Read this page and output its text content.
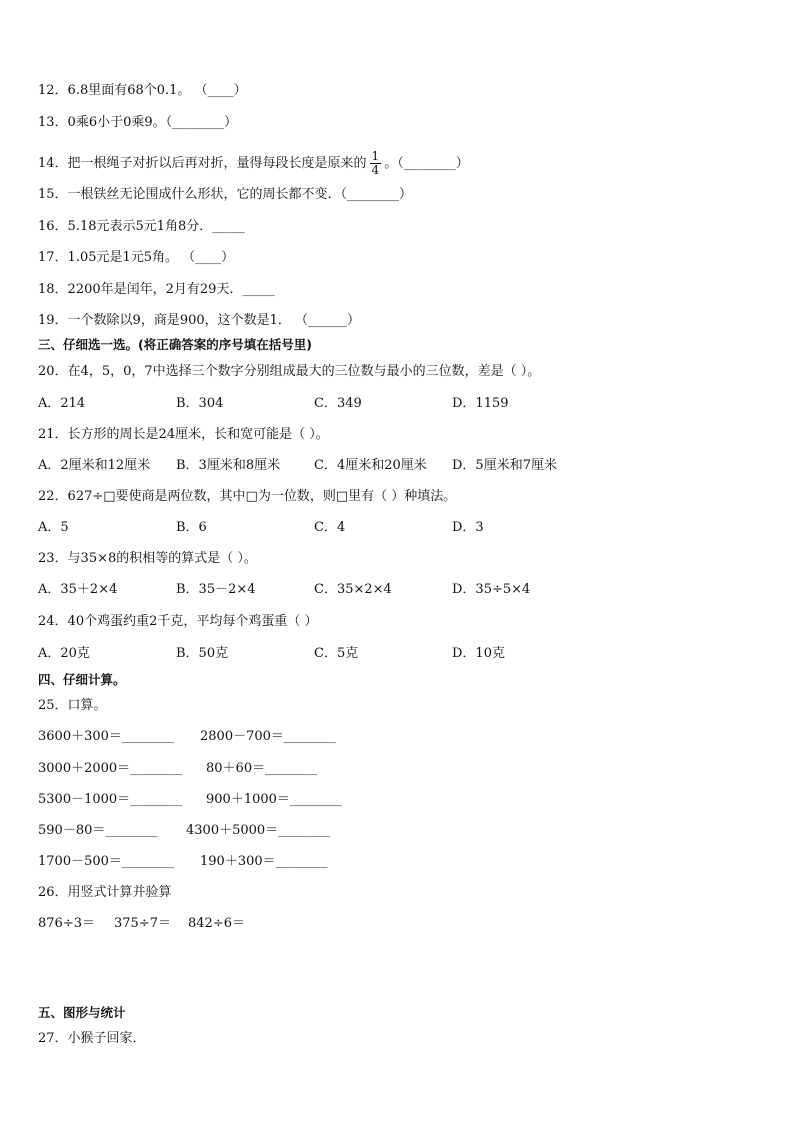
12．6.8里面有68个0.1。 （____）
13．0乘6小于0乘9。（________）
14．把一根绳子对折以后再对折，量得每段长度是原来的 $\frac{1}{4}$ 。（________）
15．一根铁丝无论围成什么形状，它的周长都不变．（________）
16．5.18元表示5元1角8分．_____
17．1.05元是1元5角。 （____）
18．2200年是闰年，2月有29天．_____
19．一个数除以9，商是900，这个数是1． （______）
三、仔细选一选。(将正确答案的序号填在括号里)
20．在4，5，0，7中选择三个数字分别组成最大的三位数与最小的三位数，差是（ ）。
A．214	B．304	C．349	D．1159
21．长方形的周长是24厘米，长和宽可能是（ ）。
A．2厘米和12厘米 B．3厘米和8厘米	C．4厘米和20厘米 D．5厘米和7厘米
22．627÷□要使商是两位数，其中□为一位数，则□里有（ ）种填法。
A．5	B．6	C．4	D．3
23．与35×8的积相等的算式是（ ）。
A．35＋2×4	B．35－2×4	C．35×2×4	D．35÷5×4
24．40个鸡蛋约重2千克，平均每个鸡蛋重（ ）
A．20克	B．50克	C．5克	D．10克
四、仔细计算。
25．口算。
3600＋300＝________ 2800－700＝________
3000＋2000＝________ 80＋60＝________
5300－1000＝________ 900＋1000＝________
590－80＝________ 4300＋5000＝________
1700－500＝________ 190＋300＝________
26．用竖式计算并验算
876÷3＝ 375÷7＝ 842÷6＝
五、图形与统计
27．小猴子回家．
